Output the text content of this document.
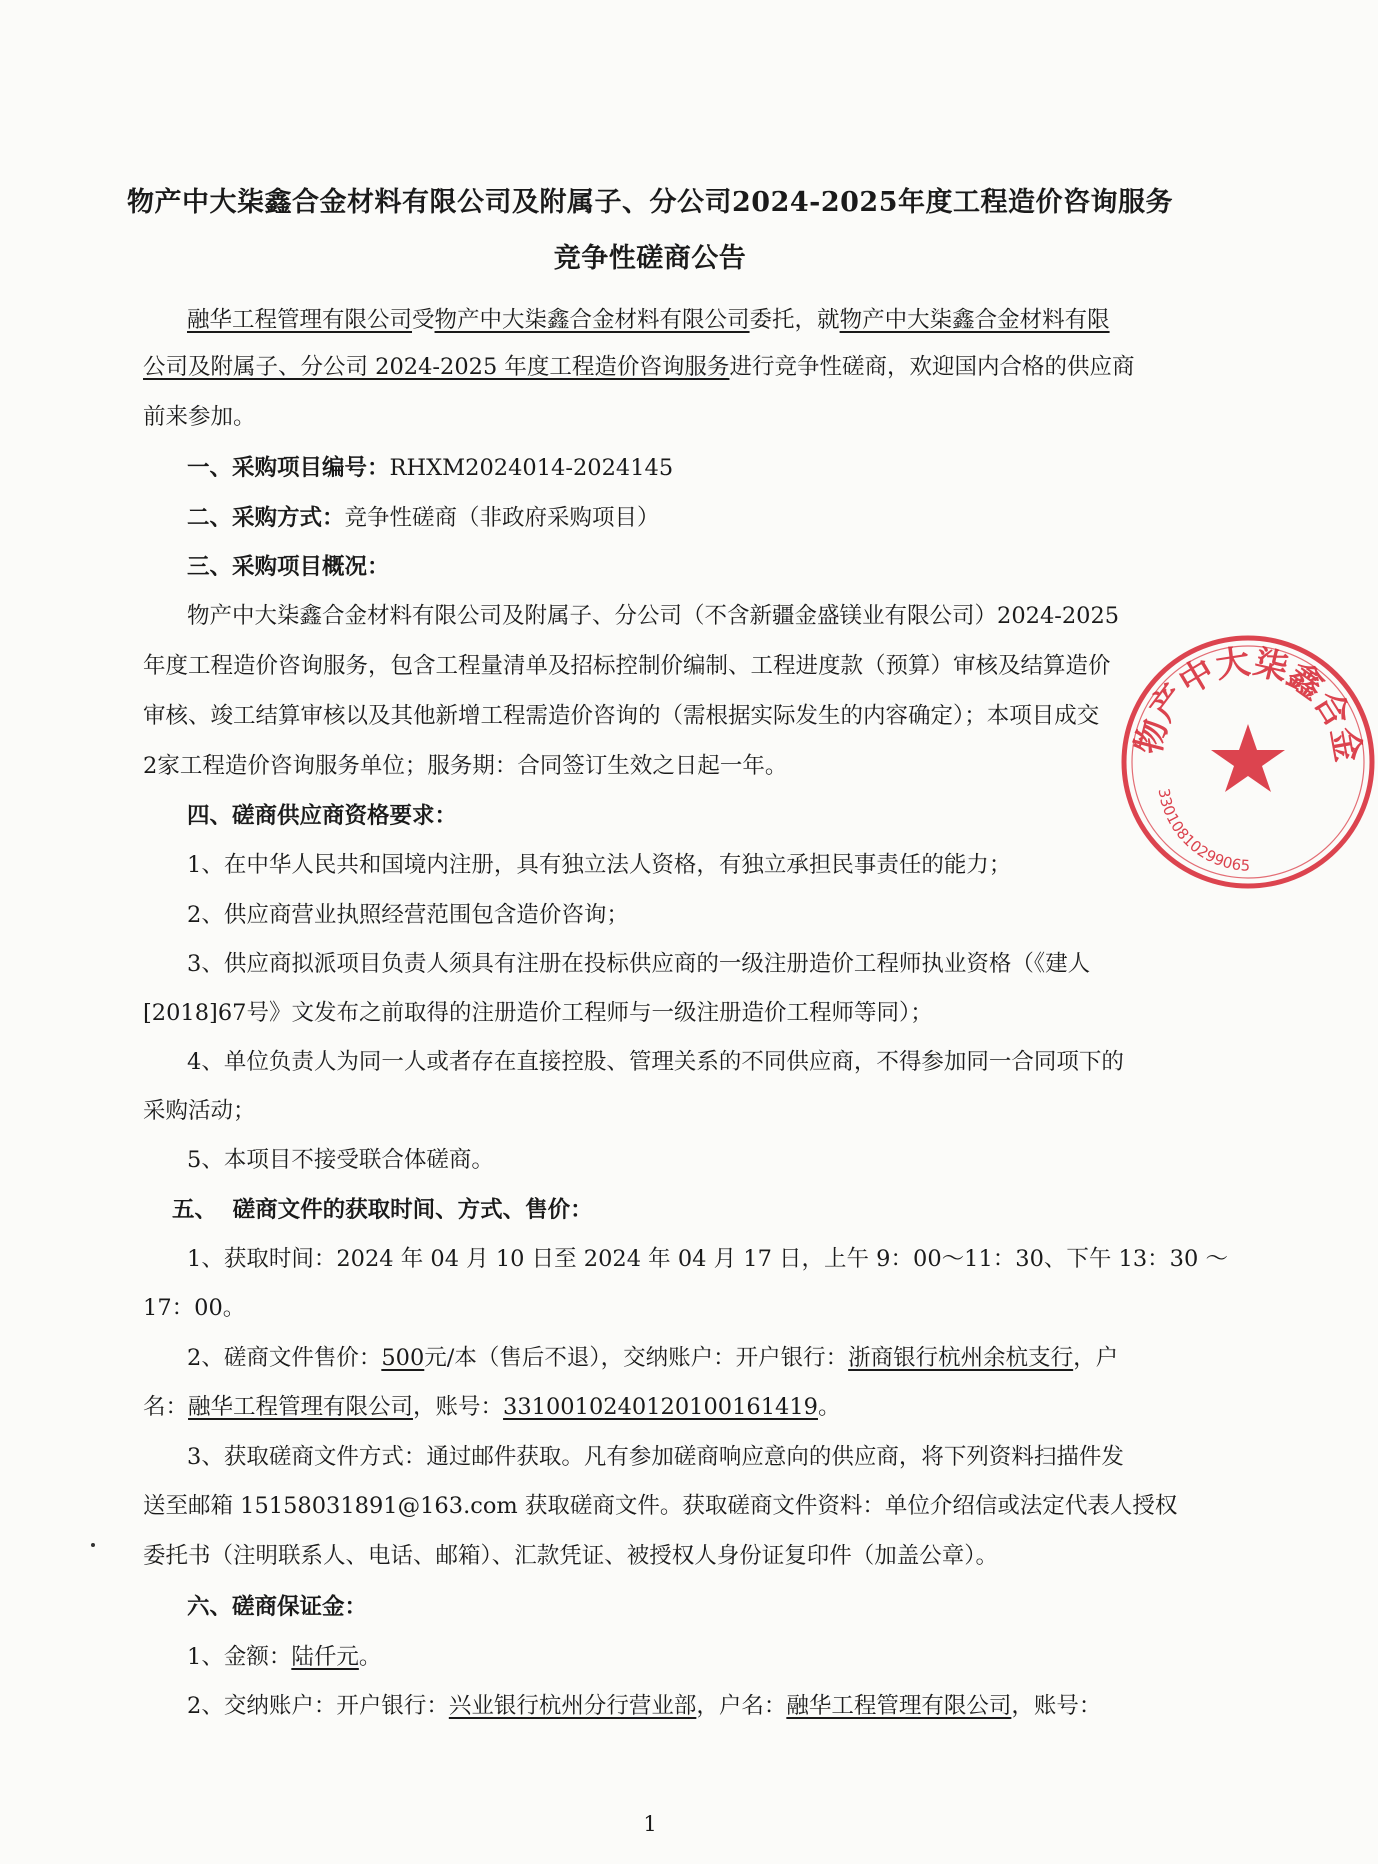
物产中大柒鑫合金材料有限公司及附属子、分公司2024-2025年度工程造价咨询服务
竞争性磋商公告
融华工程管理有限公司受物产中大柒鑫合金材料有限公司委托，就物产中大柒鑫合金材料有限
公司及附属子、分公司 2024-2025 年度工程造价咨询服务进行竞争性磋商，欢迎国内合格的供应商
前来参加。
一、采购项目编号：RHXM2024014-2024145
二、采购方式：竞争性磋商（非政府采购项目）
三、采购项目概况：
物产中大柒鑫合金材料有限公司及附属子、分公司（不含新疆金盛镁业有限公司）2024-2025
年度工程造价咨询服务，包含工程量清单及招标控制价编制、工程进度款（预算）审核及结算造价
审核、竣工结算审核以及其他新增工程需造价咨询的（需根据实际发生的内容确定）；本项目成交
2家工程造价咨询服务单位；服务期：合同签订生效之日起一年。
四、磋商供应商资格要求：
1、在中华人民共和国境内注册，具有独立法人资格，有独立承担民事责任的能力；
2、供应商营业执照经营范围包含造价咨询；
3、供应商拟派项目负责人须具有注册在投标供应商的一级注册造价工程师执业资格（《建人
[2018]67号》文发布之前取得的注册造价工程师与一级注册造价工程师等同）；
4、单位负责人为同一人或者存在直接控股、管理关系的不同供应商，不得参加同一合同项下的
采购活动；
5、本项目不接受联合体磋商。
五、  磋商文件的获取时间、方式、售价：
1、获取时间：2024 年 04 月 10 日至 2024 年 04 月 17 日，上午 9：00～11：30、下午 13：30 ～
17：00。
2、磋商文件售价：500元/本（售后不退），交纳账户：开户银行：浙商银行杭州余杭支行，户
名：融华工程管理有限公司，账号：33100102401201001614​19。
3、获取磋商文件方式：通过邮件获取。凡有参加磋商响应意向的供应商，将下列资料扫描件发
送至邮箱 15158031891@163.com 获取磋商文件。获取磋商文件资料：单位介绍信或法定代表人授权
委托书（注明联系人、电话、邮箱）、汇款凭证、被授权人身份证复印件（加盖公章）。
六、磋商保证金：
1、金额：陆仟元。
2、交纳账户：开户银行：兴业银行杭州分行营业部，户名：融华工程管理有限公司，账号：
物产中大柒鑫合金
33010810299065
1
